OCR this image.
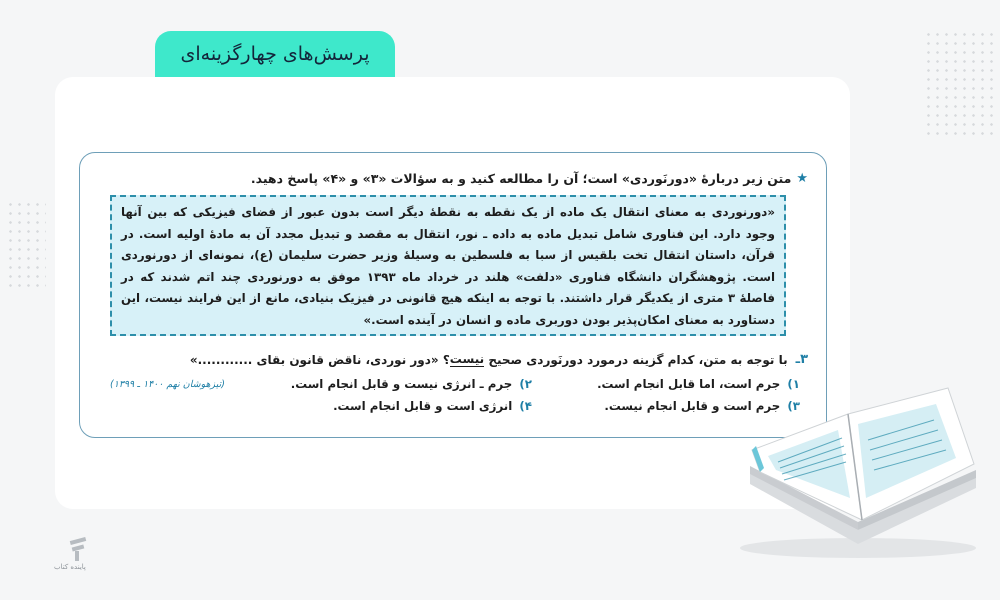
پرسش‌های چهارگزینه‌ای
★
متن زیر دربارهٔ «دورنَوردی» است؛ آن را مطالعه کنید و به سؤالات «۳» و «۴» پاسخ دهید.
«دورنوردی به معنای انتقال یک ماده از یک نقطه به نقطهٔ دیگر است بدون عبور از فضای فیزیکی که بین آنها وجود دارد. این فناوری شامل تبدیل ماده به داده ـ نور، انتقال به مقصد و تبدیل مجدد آن به مادهٔ اولیه است. در قرآن، داستان انتقال تخت بلقیس از سبا به فلسطین به وسیلهٔ وزیر حضرت سلیمان (ع)، نمونه‌ای از دورنوردی است. پژوهشگران دانشگاه فناوری «دلفت» هلند در خرداد ماه ۱۳۹۳ موفق به دورنوردی چند اتم شدند که در فاصلهٔ ۳ متری از یکدیگر قرار داشتند. با توجه به اینکه هیچ قانونی در فیزیک بنیادی، مانع از این فرایند نیست، این دستاورد به معنای امکان‌پذیر بودن دوربری ماده و انسان در آینده است.»
۳ـ
با توجه به متن، کدام گزینه درمورد دورنَوردی صحیح

نیست
؟ «دور نوردی، ناقض قانون بقای ............»
۱) جرم است، اما قابل انجام است.
۲) جرم ـ انرژی نیست و قابل انجام است.
۳) جرم است و قابل انجام نیست.
۴) انرژی است و قابل انجام است.
(تیزهوشان نهم ۱۴۰۰ ـ ۱۳۹۹)
پاینده کتاب
